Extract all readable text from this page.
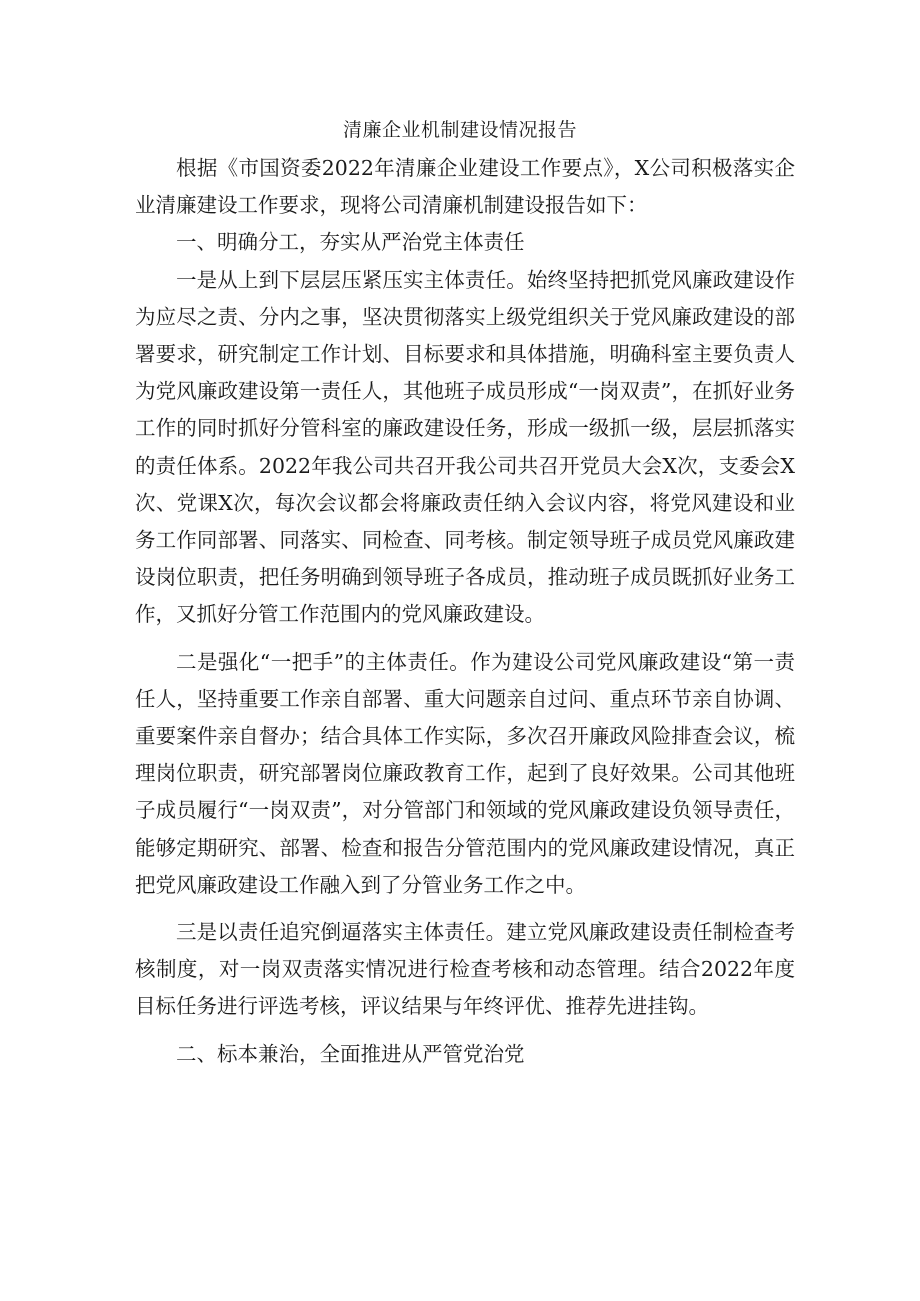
清廉企业机制建设情况报告

根据《市国资委2022年清廉企业建设工作要点》，X公司积极落实企业清廉建设工作要求，现将公司清廉机制建设报告如下：

一、明确分工，夯实从严治党主体责任

一是从上到下层层压紧压实主体责任。始终坚持把抓党风廉政建设作为应尽之责、分内之事，坚决贯彻落实上级党组织关于党风廉政建设的部署要求，研究制定工作计划、目标要求和具体措施，明确科室主要负责人为党风廉政建设第一责任人，其他班子成员形成“一岗双责”，在抓好业务工作的同时抓好分管科室的廉政建设任务，形成一级抓一级，层层抓落实的责任体系。2022年我公司共召开我公司共召开党员大会X次，支委会X次、党课X次，每次会议都会将廉政责任纳入会议内容，将党风建设和业务工作同部署、同落实、同检查、同考核。制定领导班子成员党风廉政建设岗位职责，把任务明确到领导班子各成员，推动班子成员既抓好业务工作，又抓好分管工作范围内的党风廉政建设。

二是强化“一把手”的主体责任。作为建设公司党风廉政建设“第一责任人，坚持重要工作亲自部署、重大问题亲自过问、重点环节亲自协调、重要案件亲自督办；结合具体工作实际，多次召开廉政风险排查会议，梳理岗位职责，研究部署岗位廉政教育工作，起到了良好效果。公司其他班子成员履行“一岗双责”，对分管部门和领域的党风廉政建设负领导责任，能够定期研究、部署、检查和报告分管范围内的党风廉政建设情况，真正把党风廉政建设工作融入到了分管业务工作之中。

三是以责任追究倒逼落实主体责任。建立党风廉政建设责任制检查考核制度，对一岗双责落实情况进行检查考核和动态管理。结合2022年度目标任务进行评选考核，评议结果与年终评优、推荐先进挂钩。

二、标本兼治，全面推进从严管党治党
